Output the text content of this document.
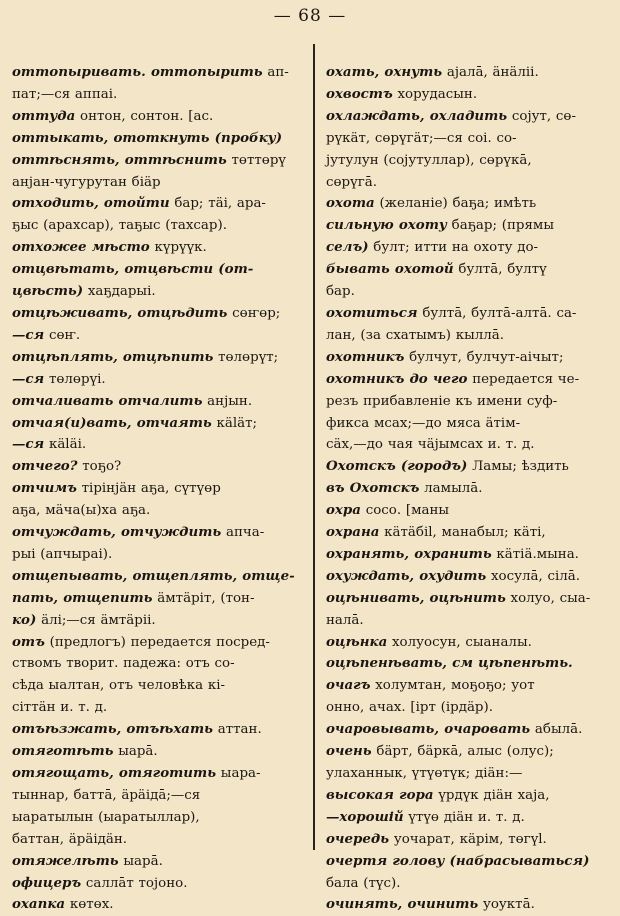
— 68 —
оттопыривать. оттопырить ап-
пат;—ся аппаі.
оттуда онтон, сонтон. [ас.
оттыкать, ототкнуть (пробку)
оттѣснять, оттѣснить төттөрү
анјан-чугурутан біäр
отходить, отойти бар; тäі, ара-
ҕыс (арахсар), таҕыс (тахсар).
отхожее мѣсто күрүүк.
отцвѣтать, отцвѣсти (от-
цвѣсть) хаҕдарыі.
отцѣживать, отцѣдить сөҥөр;
—ся сөҥ.
отцѣплять, отцѣпить төлөрүт;
—ся төлөрүі.
отчаливать отчалить анјын.
отчая(и)вать, отчаять кäläт;
—ся кäläі.
отчего? тоҕо?
отчимъ тірінјäн аҕа, сүтүөр
аҕа, мäча(ы)ха аҕа.
отчуждать, отчуждить апча-
рыі (апчыраі).
отщепывать, отщеплять, отще-
пать, отщепить äмтäріт, (тон-
ко) äлі;—ся äмтäріі.
отъ (предлогъ) передается посред-
ствомъ творит. падежа: отъ со-
сѣда ыалтан, отъ человѣка кі-
сіттäн и. т. д.
отъѣзжать, отъѣхать аттан.
отяготѣть ыарā.
отягощать, отяготить ыара-
тыннар, баттā, äрäідā;—ся
ыаратылын (ыаратыллар),
баттан, äрäідäн.
отяжелѣть ыарā.
офицеръ саллāт тојоно.
охапка көтөх.
охать, охнуть ајалā, äнäліі.
охвостъ хорудасын.
охлаждать, охладить сојут, сө-
рүкäт, сөрүгäт;—ся соі. со-
јутулун (сојутуллар), сөрүкā,
сөрүгā.
охота (желаніе) баҕа; имѣть
сильную охоту баҕар; (прямы
селъ) булт; итти на охоту до-
бывать охотой бултā, бултү
бар.
охотиться бултā, бултā-алтā. са-
лан, (за схатымъ) кыллā.
охотникъ булчут, булчут-аічыт;
охотникъ до чего передается че-
резъ прибавленіе къ имени суф-
фикса мсах;—до мяса äтім-
сäх,—до чая чäјымсах и. т. д.
Охотскъ (городъ) Ламы; ѣздить
въ Охотскъ ламылā.
охра сосо. [маны
охрана кäтäбіl, манабыл; кäті,
охранять, охранить кäтiä.мына.
охуждать, охудить хосулā, сілā.
оцѣнивать, оцѣнить холуо, сыа-
налā.
оцѣнка холуосун, сыаналы.
оцѣпенѣвать, см цѣпенѣть.
очагъ холумтан, моҕоҕо; уот
онно, ачах. [ірт (ірдäр).
очаровывать, очаровать абылā.
очень бäрт, бäркā, алыс (олус);
улаханнык, үтүөтүк; діäн:—
высокая гора үрдүк діäн хаја,
—хорошій үтүө діäн и. т. д.
очередь уочарат, кäрім, төгүl.
очертя голову (набрасываться)
бала (түс).
очинять, очинить уоуктā.
